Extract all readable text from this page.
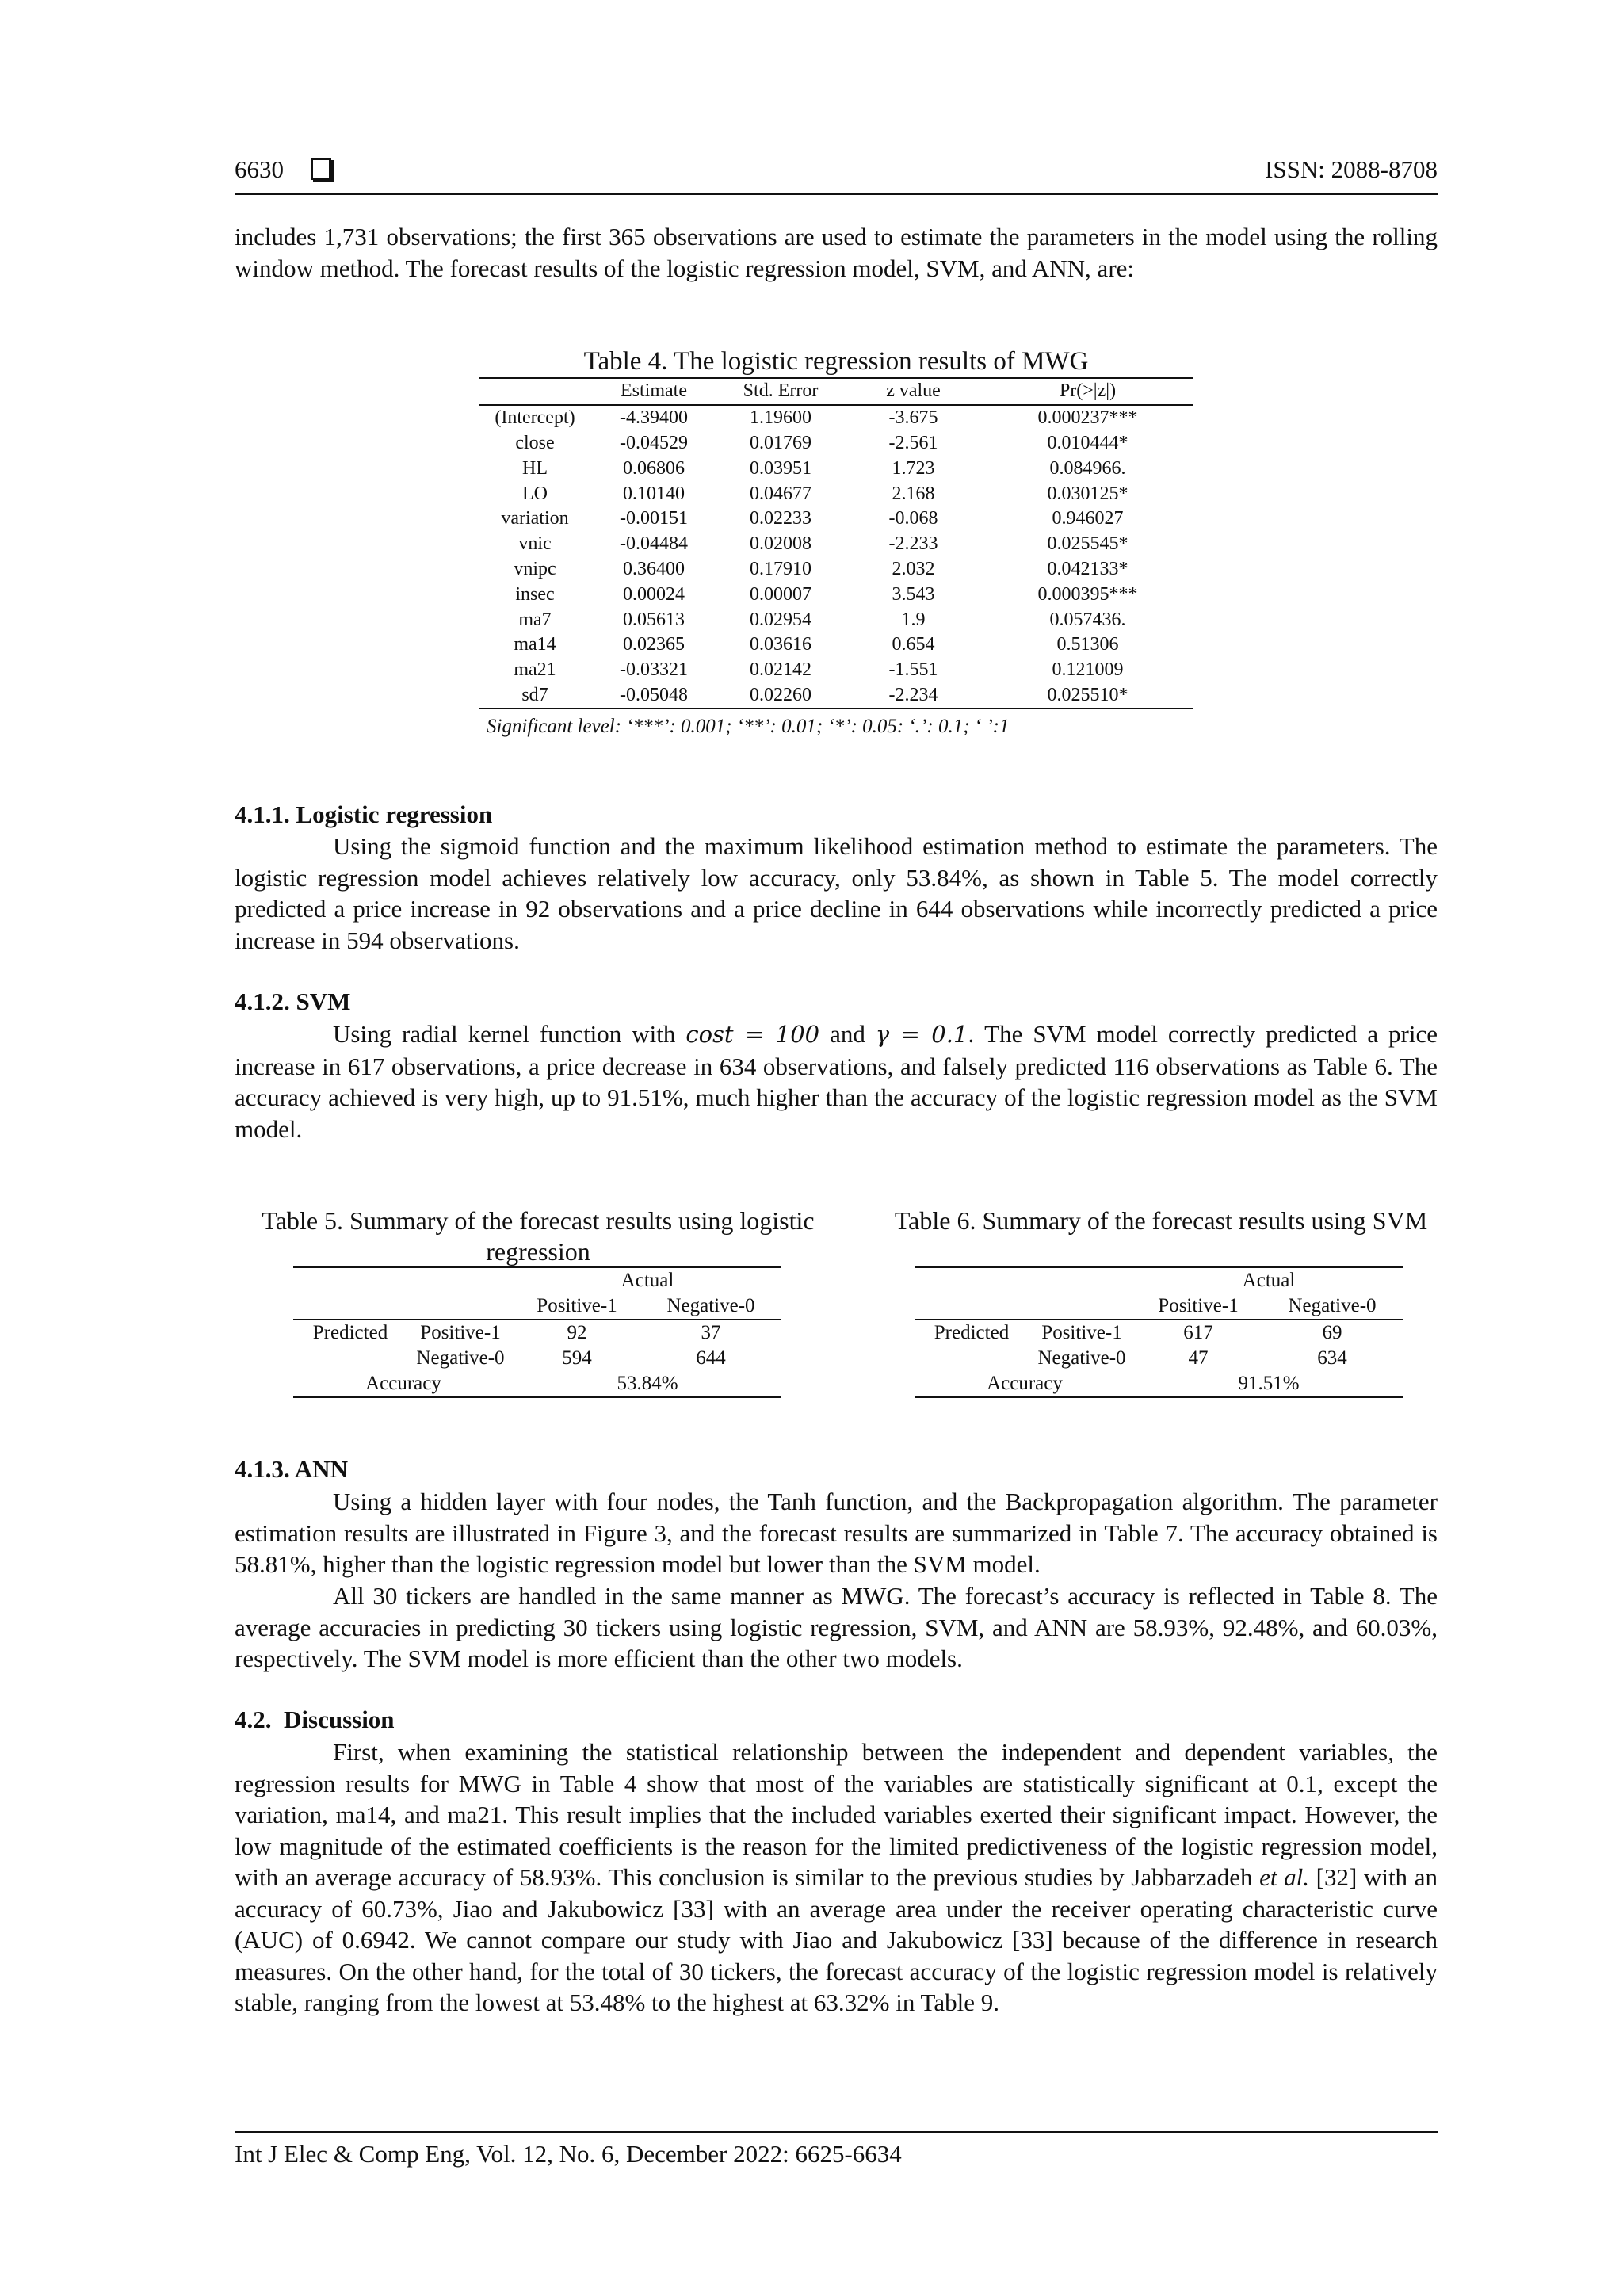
6630	ISSN: 2088-8708
includes 1,731 observations; the first 365 observations are used to estimate the parameters in the model using the rolling window method. The forecast results of the logistic regression model, SVM, and ANN, are:
Table 4. The logistic regression results of MWG
	Estimate	Std. Error	z value	Pr(>|z|)
(Intercept)	-4.39400	1.19600	-3.675	0.000237***
close	-0.04529	0.01769	-2.561	0.010444*
HL	0.06806	0.03951	1.723	0.084966.
LO	0.10140	0.04677	2.168	0.030125*
variation	-0.00151	0.02233	-0.068	0.946027
vnic	-0.04484	0.02008	-2.233	0.025545*
vnipc	0.36400	0.17910	2.032	0.042133*
insec	0.00024	0.00007	3.543	0.000395***
ma7	0.05613	0.02954	1.9	0.057436.
ma14	0.02365	0.03616	0.654	0.51306
ma21	-0.03321	0.02142	-1.551	0.121009
sd7	-0.05048	0.02260	-2.234	0.025510*
Significant level: ‘***’: 0.001; ‘**’: 0.01; ‘*’: 0.05: ‘.’: 0.1; ‘ ’:1
4.1.1. Logistic regression
Using the sigmoid function and the maximum likelihood estimation method to estimate the parameters. The logistic regression model achieves relatively low accuracy, only 53.84%, as shown in Table 5. The model correctly predicted a price increase in 92 observations and a price decline in 644 observations while incorrectly predicted a price increase in 594 observations.
4.1.2. SVM
Using radial kernel function with cost = 100 and γ = 0.1. The SVM model correctly predicted a price increase in 617 observations, a price decrease in 634 observations, and falsely predicted 116 observations as Table 6. The accuracy achieved is very high, up to 91.51%, much higher than the accuracy of the logistic regression model as the SVM model.
Table 5. Summary of the forecast results using logistic regression
		Actual	
		Positive-1	Negative-0
Predicted	Positive-1	92	37
	Negative-0	594	644
Accuracy		53.84%	
Table 6. Summary of the forecast results using SVM
		Actual	
		Positive-1	Negative-0
Predicted	Positive-1	617	69
	Negative-0	47	634
Accuracy		91.51%	
4.1.3. ANN
Using a hidden layer with four nodes, the Tanh function, and the Backpropagation algorithm. The parameter estimation results are illustrated in Figure 3, and the forecast results are summarized in Table 7. The accuracy obtained is 58.81%, higher than the logistic regression model but lower than the SVM model.
All 30 tickers are handled in the same manner as MWG. The forecast’s accuracy is reflected in Table 8. The average accuracies in predicting 30 tickers using logistic regression, SVM, and ANN are 58.93%, 92.48%, and 60.03%, respectively. The SVM model is more efficient than the other two models.
4.2.  Discussion
First, when examining the statistical relationship between the independent and dependent variables, the regression results for MWG in Table 4 show that most of the variables are statistically significant at 0.1, except the variation, ma14, and ma21. This result implies that the included variables exerted their significant impact. However, the low magnitude of the estimated coefficients is the reason for the limited predictiveness of the logistic regression model, with an average accuracy of 58.93%. This conclusion is similar to the previous studies by Jabbarzadeh et al. [32] with an accuracy of 60.73%, Jiao and Jakubowicz [33] with an average area under the receiver operating characteristic curve (AUC) of 0.6942. We cannot compare our study with Jiao and Jakubowicz [33] because of the difference in research measures. On the other hand, for the total of 30 tickers, the forecast accuracy of the logistic regression model is relatively stable, ranging from the lowest at 53.48% to the highest at 63.32% in Table 9.
Int J Elec & Comp Eng, Vol. 12, No. 6, December 2022: 6625-6634
